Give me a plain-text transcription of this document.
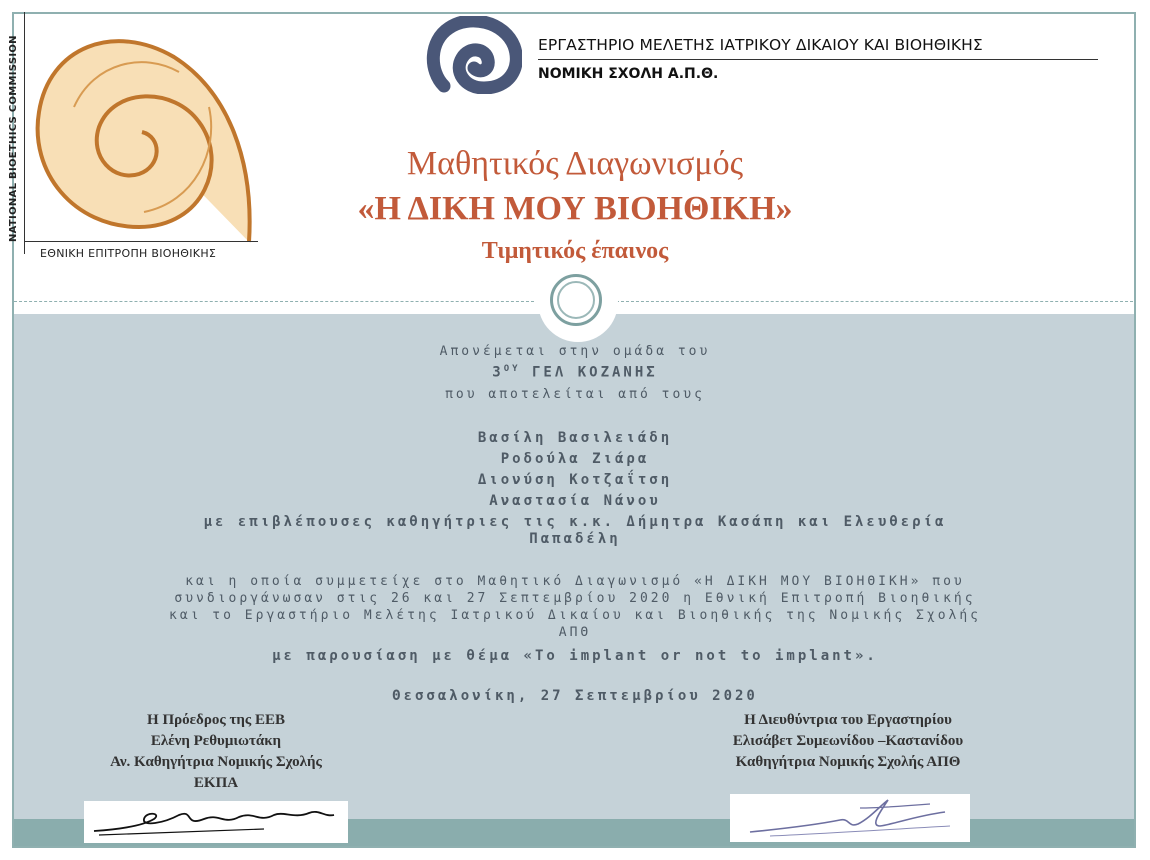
NATIONAL BIOETHICS COMMISSION
ΕΘΝΙΚΗ ΕΠΙΤΡΟΠΗ ΒΙΟΗΘΙΚΗΣ
ΕΡΓΑΣΤΗΡΙΟ ΜΕΛΕΤΗΣ ΙΑΤΡΙΚΟΥ ΔΙΚΑΙΟΥ ΚΑΙ ΒΙΟΗΘΙΚΗΣ
ΝΟΜΙΚΗ ΣΧΟΛΗ Α.Π.Θ.
Μαθητικός Διαγωνισμός
«Η ΔΙΚΗ ΜΟΥ ΒΙΟΗΘΙΚΗ»
Τιμητικός έπαινος
Απονέμεται στην ομάδα του
$3^{O\Upsilon}$ ΓΕΛ ΚΟΖΑΝΗΣ
που αποτελείται από τους
Βασίλη Βασιλειάδη
Ροδούλα Ζιάρα
Διονύση Κοτζαΐτση
Αναστασία Νάνου
με επιβλέπουσες καθηγήτριες τις κ.κ. Δήμητρα Κασάπη και Ελευθερία
Παπαδέλη
και η οποία συμμετείχε στο Μαθητικό Διαγωνισμό «Η ΔΙΚΗ ΜΟΥ ΒΙΟΗΘΙΚΗ» που
συνδιοργάνωσαν στις 26 και 27 Σεπτεμβρίου 2020 η Εθνική Επιτροπή Βιοηθικής
και το Εργαστήριο Μελέτης Ιατρικού Δικαίου και Βιοηθικής της Νομικής Σχολής
ΑΠΘ
με παρουσίαση με θέμα «To implant or not to implant».
Θεσσαλονίκη, 27 Σεπτεμβρίου 2020
Η Πρόεδρος της ΕΕΒ
Ελένη Ρεθυμιωτάκη
Αν. Καθηγήτρια Νομικής Σχολής
ΕΚΠΑ
Η Διευθύντρια του Εργαστηρίου
Ελισάβετ Συμεωνίδου –Καστανίδου
Καθηγήτρια Νομικής Σχολής ΑΠΘ
